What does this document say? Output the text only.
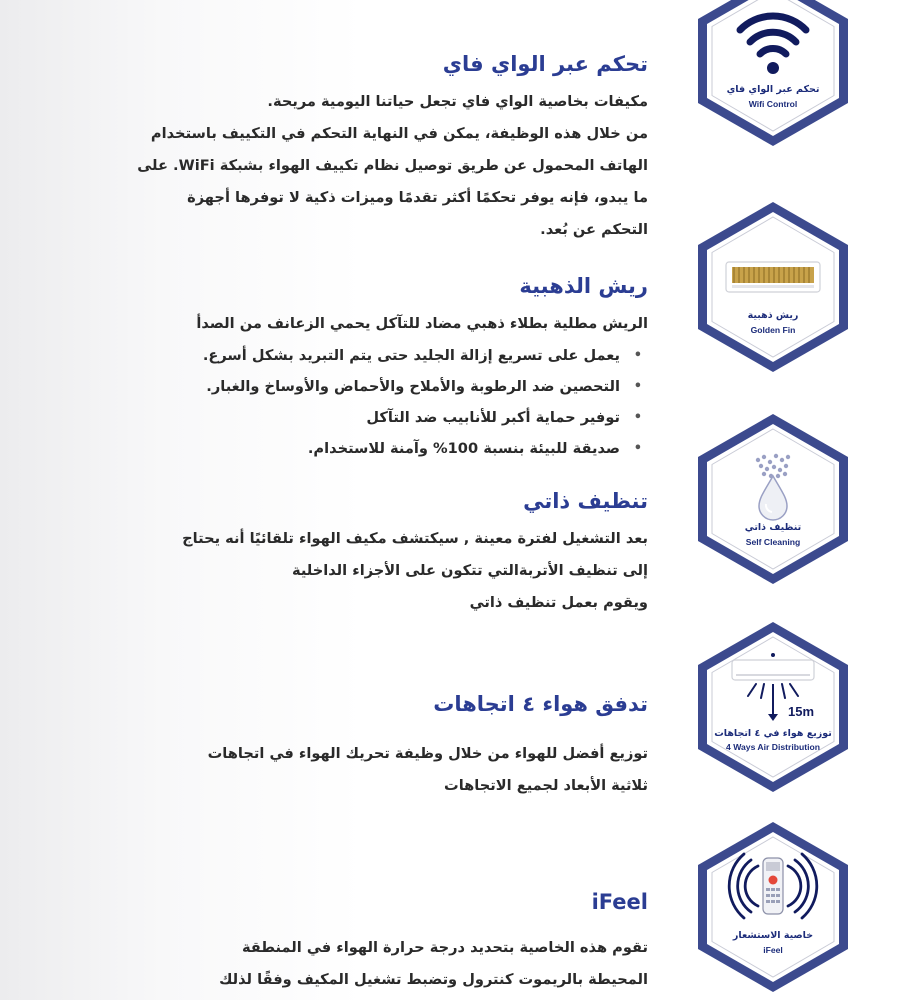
تحكم عبر الواي فاي

مكيفات بخاصية الواي فاي تجعل حياتنا اليومية مريحة.

من خلال هذه الوظيفة، يمكن في النهاية التحكم في التكييف باستخدام

الهاتف المحمول عن طريق توصيل نظام تكييف الهواء بشبكة WiFi. على

ما يبدو، فإنه يوفر تحكمًا أكثر تقدمًا وميزات ذكية لا توفرها أجهزة

التحكم عن بُعد.

تحكم عبر الواي فاي
Wifi Control
ريش الذهبية

الريش مطلية بطلاء ذهبي مضاد للتآكل يحمي الزعانف من الصدأ

•
يعمل على تسريع إزالة الجليد حتى يتم التبريد بشكل أسرع.
•
التحصين ضد الرطوبة والأملاح والأحماض والأوساخ والغبار.
•
توفير حماية أكبر للأنابيب ضد التآكل
•
صديقة للبيئة بنسبة 100% وآمنة للاستخدام.
ريش ذهبية
Golden Fin
تنظيف ذاتي

بعد التشغيل لفترة معينة , سيكتشف مكيف الهواء تلقائيًا أنه يحتاج

إلى تنظيف الأتربةالتي تتكون على الأجزاء الداخلية

ويقوم بعمل تنظيف ذاتي

تنظيف ذاتي
Self Cleaning
تدفق هواء ٤ اتجاهات

توزيع أفضل للهواء من خلال وظيفة تحريك الهواء في اتجاهات

ثلاثية الأبعاد لجميع الاتجاهات

15m
توزيع هواء في ٤ اتجاهات
4 Ways Air Distribution
iFeel

تقوم هذه الخاصية بتحديد درجة حرارة الهواء في المنطقة

المحيطة بالريموت كنترول وتضبط تشغيل المكيف وفقًا لذلك

خاصية الاستشعار
iFeel
